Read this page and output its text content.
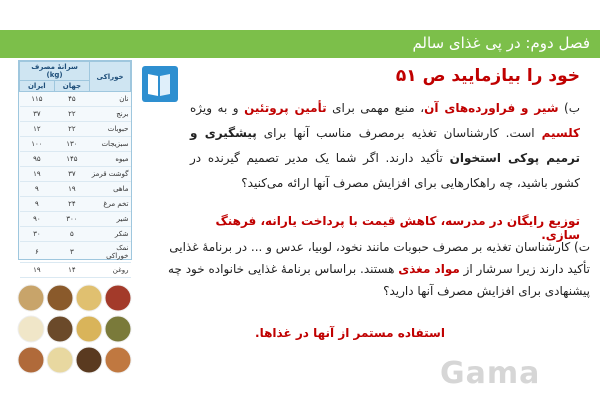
فصل دوم: در پی غذای سالم
خود را بیازمایید ص ۵۱
خوراکی	سرانهٔ مصرف (kg)	
	جهان	ایران
نان	۴۵	۱۱۵
برنج	۲۲	۳۷
حبوبات	۲۲	۱۲
سبزیجات	۱۳۰	۱۰۰
میوه	۱۴۵	۹۵
گوشت قرمز	۳۷	۱۹
ماهی	۱۹	۹
تخم مرغ	۲۴	۹
شیر	۳۰۰	۹۰
شکر	۵	۳۰
نمک خوراکی	۳	۶
روغن	۱۴	۱۹
ب) شیر و فراورده‌های آن، منبع مهمی برای تأمین پروتئین و به ویژه کلسیم است. کارشناسان تغذیه برمصرف مناسب آنها برای پیشگیری و ترمیم پوکی استخوان تأکید دارند. اگر شما یک مدیر تصمیم گیرنده در کشور باشید، چه راهکارهایی برای افزایش مصرف آنها ارائه می‌کنید؟
توزیع رایگان در مدرسه، کاهش قیمت با پرداخت یارانه، فرهنگ سازی.
ت) کارشناسان تغذیه بر مصرف حبوبات مانند نخود، لوبیا، عدس و ... در برنامهٔ غذایی تأکید دارند زیرا سرشار از مواد مغذی هستند. براساس برنامهٔ غذایی خانواده خود چه پیشنهادی برای افزایش مصرف آنها دارید؟
استفاده مستمر از آنها در غذاها.
Gama
